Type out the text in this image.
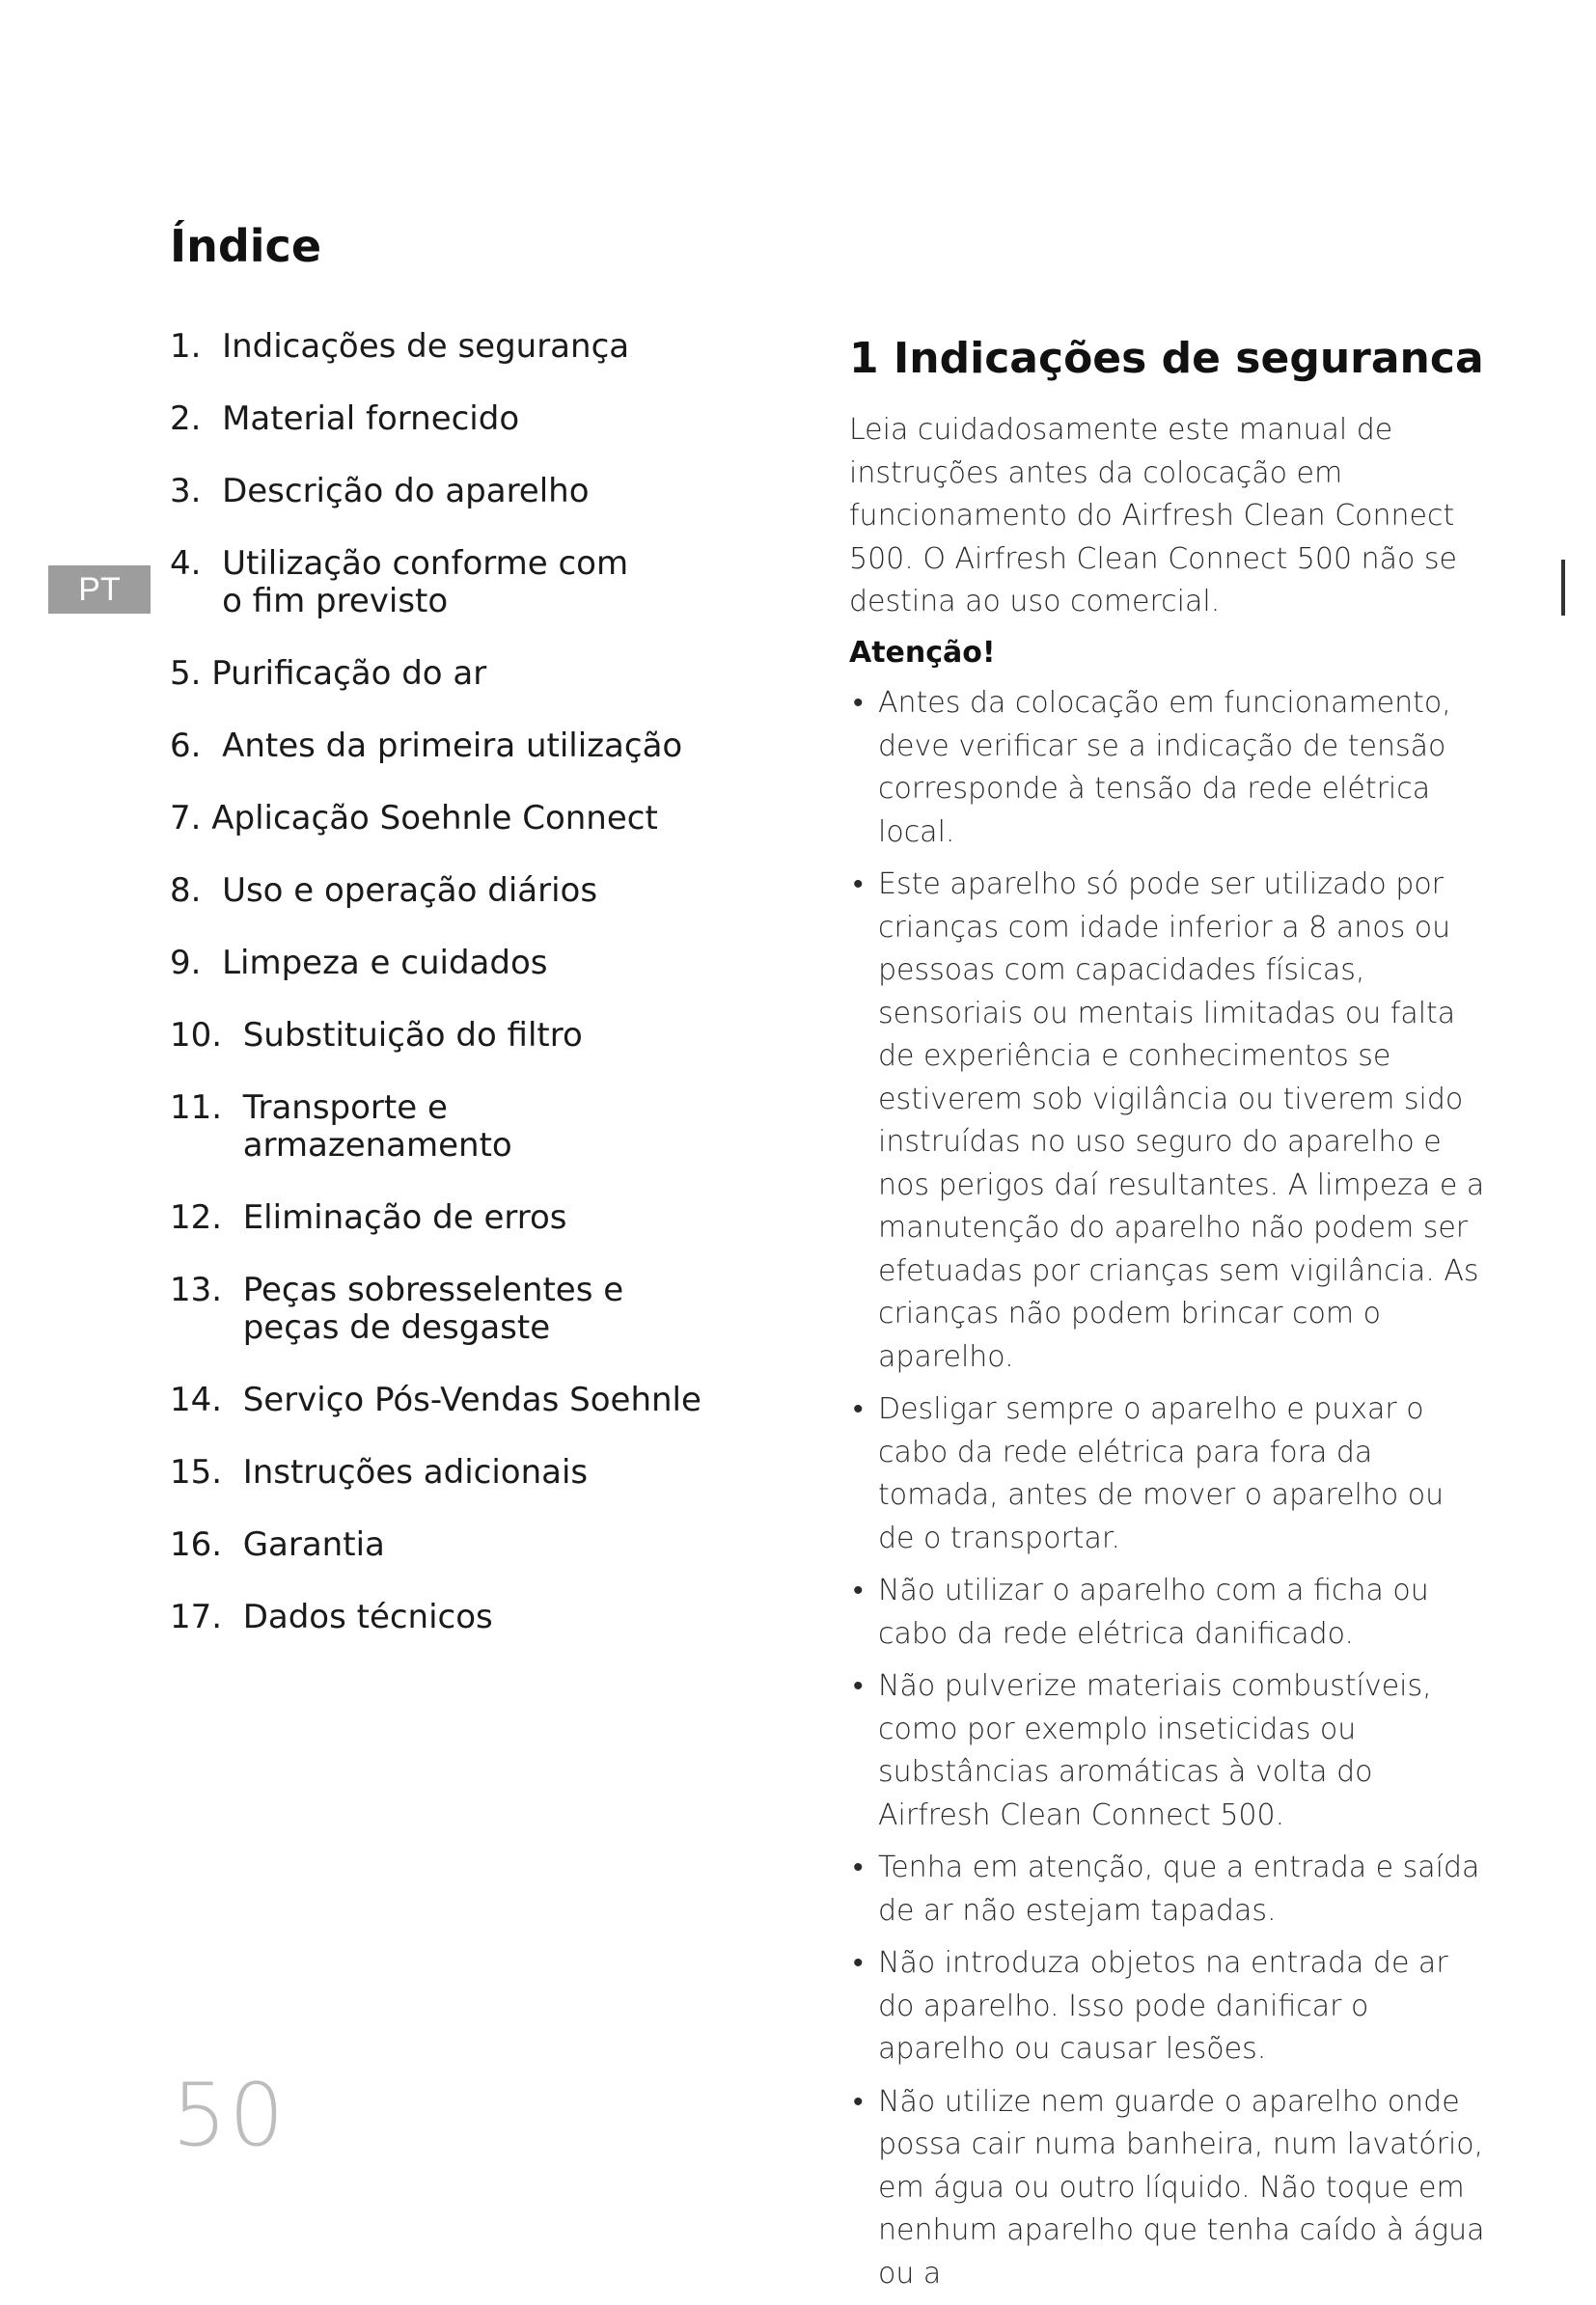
Índice
1. Indicações de segurança
2. Material fornecido
3. Descrição do aparelho
4. Utilização conforme com o fim previsto
5. Purificação do ar
6. Antes da primeira utilização
7. Aplicação Soehnle Connect
8. Uso e operação diários
9. Limpeza e cuidados
10. Substituição do filtro
11. Transporte e armazenamento
12. Eliminação de erros
13. Peças sobresselentes e peças de desgaste
14. Serviço Pós-Vendas Soehnle
15. Instruções adicionais
16. Garantia
17. Dados técnicos
PT
1 Indicações de seguranca

Leia cuidadosamente este manual de instruções antes da colocação em funcionamento do Airfresh Clean Connect 500. O Airfresh Clean Connect 500 não se destina ao uso comercial.

Atenção!

• Antes da colocação em funcionamento, deve verificar se a indicação de tensão corresponde à tensão da rede elétrica local.
• Este aparelho só pode ser utilizado por crianças com idade inferior a 8 anos ou pessoas com capacidades físicas, sensoriais ou mentais limitadas ou falta de experiência e conhecimentos se estiverem sob vigilância ou tiverem sido instruídas no uso seguro do aparelho e nos perigos daí resultantes. A limpeza e a manutenção do aparelho não podem ser efetuadas por crianças sem vigilância. As crianças não podem brincar com o aparelho.
• Desligar sempre o aparelho e puxar o cabo da rede elétrica para fora da tomada, antes de mover o aparelho ou de o transportar.
• Não utilizar o aparelho com a ficha ou cabo da rede elétrica danificado.
• Não pulverize materiais combustíveis, como por exemplo inseticidas ou substâncias aromáticas à volta do Airfresh Clean Connect 500.
• Tenha em atenção, que a entrada e saída de ar não estejam tapadas.
• Não introduza objetos na entrada de ar do aparelho. Isso pode danificar o aparelho ou causar lesões.
• Não utilize nem guarde o aparelho onde possa cair numa banheira, num lavatório, em água ou outro líquido. Não toque em nenhum aparelho que tenha caído à água ou a
50
